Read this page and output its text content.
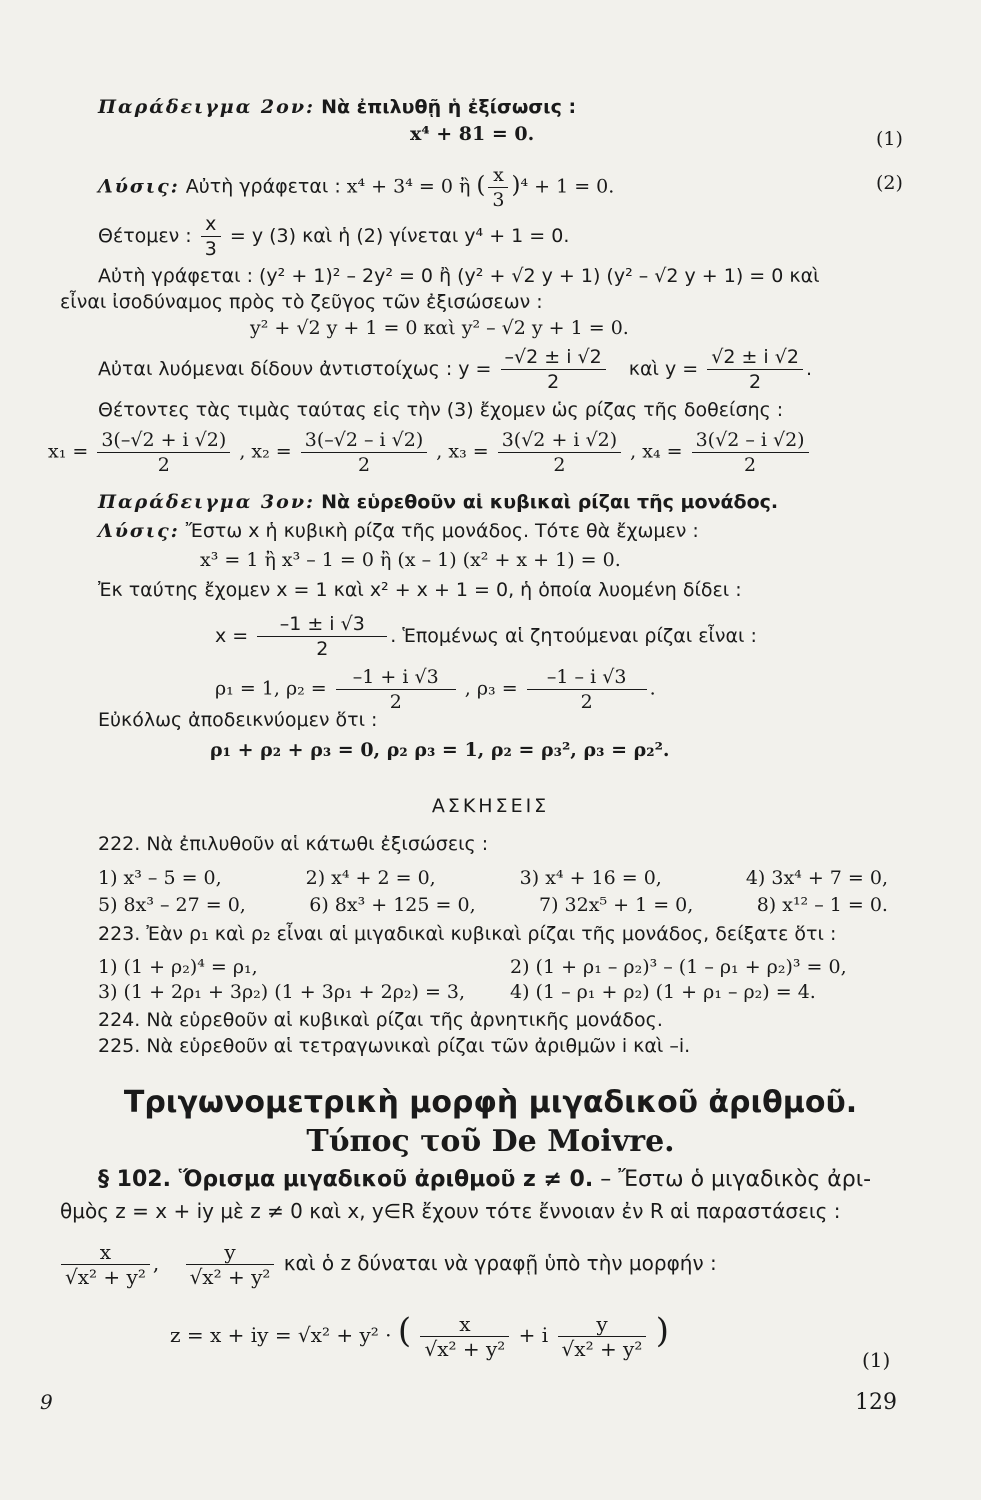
Παράδειγμα 2ον: Νὰ ἐπιλυθῇ ἡ ἐξίσωσις :
x⁴ + 81 = 0.	(1)
Λύσις: Αὐτὴ γράφεται : x⁴ + 3⁴ = 0 ἢ ( $\frac{x}{3} )^4 + 1 = 0$.	(2)
Θέτομεν : $\frac{x}{3} = y$ (3) καὶ ἡ (2) γίνεται y⁴ + 1 = 0.
Αὐτὴ γράφεται : (y² + 1)² – 2y² = 0 ἢ (y² + √2 y + 1) (y² – √2 y + 1) = 0 καὶ
εἶναι ἰσοδύναμος πρὸς τὸ ζεῦγος τῶν ἐξισώσεων :
y² + √2 y + 1 = 0 καὶ y² – √2 y + 1 = 0.
Αὐται λυόμεναι δίδουν ἀντιστοίχως : $y = \frac{-√2 \pm i √2}{2}$ καὶ $y = \frac{√2 \pm i √2}{2}$ .
Θέτοντες τὰς τιμὰς ταύτας εἰς τὴν (3) ἔχομεν ὡς ρίζας τῆς δοθείσης :
$x_1 = \frac{3(-√2 + i √2)}{2}$ , $x_2 = \frac{3(-√2 - i √2)}{2}$ , $x_3 = \frac{3(√2 + i √2)}{2}$ , $x_4 = \frac{3(√2 - i √2)}{2}$
Παράδειγμα 3ον: Νὰ εὑρεθοῦν αἱ κυβικαὶ ρίζαι τῆς μονάδος.
Λύσις: Ἔστω x ἡ κυβικὴ ρίζα τῆς μονάδος. Τότε θὰ ἔχωμεν :
x³ = 1 ἢ x³ – 1 = 0 ἢ (x – 1) (x² + x + 1) = 0.
Ἐκ ταύτης ἔχομεν x = 1 καὶ x² + x + 1 = 0, ἡ ὁποία λυομένη δίδει :
$x = \frac{-1 \pm i √3}{2}$ . Ἑπομένως αἱ ζητούμεναι ρίζαι εἶναι :
ρ₁ = 1, $\rho_2 = \frac{-1 + i √3}{2}$ , $\rho_3 = \frac{-1 - i √3}{2}$ .
Εὐκόλως ἀποδεικνύομεν ὅτι :
ρ₁ + ρ₂ + ρ₃ = 0, ρ₂ ρ₃ = 1, ρ₂ = ρ₃², ρ₃ = ρ₂².
ΑΣΚΗΣΕΙΣ
222. Νὰ ἐπιλυθοῦν αἱ κάτωθι ἐξισώσεις :
1) x³ – 5 = 0,	2) x⁴ + 2 = 0,	3) x⁴ + 16 = 0,	4) 3x⁴ + 7 = 0,
5) 8x³ – 27 = 0,	6) 8x³ + 125 = 0,	7) 32x⁵ + 1 = 0,	8) x¹² – 1 = 0.
223. Ἐὰν ρ₁ καὶ ρ₂ εἶναι αἱ μιγαδικαὶ κυβικαὶ ρίζαι τῆς μονάδος, δείξατε ὅτι :
1) (1 + ρ₂)⁴ = ρ₁,	2) (1 + ρ₁ – ρ₂)³ – (1 – ρ₁ + ρ₂)³ = 0,
3) (1 + 2ρ₁ + 3ρ₂) (1 + 3ρ₁ + 2ρ₂) = 3, 4) (1 – ρ₁ + ρ₂) (1 + ρ₁ – ρ₂) = 4.
224. Νὰ εὑρεθοῦν αἱ κυβικαὶ ρίζαι τῆς ἀρνητικῆς μονάδος.
225. Νὰ εὑρεθοῦν αἱ τετραγωνικαὶ ρίζαι τῶν ἀριθμῶν i καὶ –i.
Τριγωνομετρικὴ μορφὴ μιγαδικοῦ ἀριθμοῦ.
Τύπος τοῦ De Moivre.
§ 102. Ὅρισμα μιγαδικοῦ ἀριθμοῦ z ≠ 0. – Ἔστω ὁ μιγαδικὸς ἀρι-
θμὸς z = x + iy μὲ z ≠ 0 καὶ x, y∈R ἔχουν τότε ἔννοιαν ἐν R αἱ παραστάσεις :
$\frac{x}{\text{√x² + y²}}$ , $\frac{y}{\text{√x² + y²}}$ καὶ ὁ z δύναται νὰ γραφῇ ὑπὸ τὴν μορφήν :
z = x + iy = √x² + y² · ( $\frac{x}{\text{√x² + y²}} + i \frac{y}{\text{√x² + y²}}$ )
(1)
9	129
